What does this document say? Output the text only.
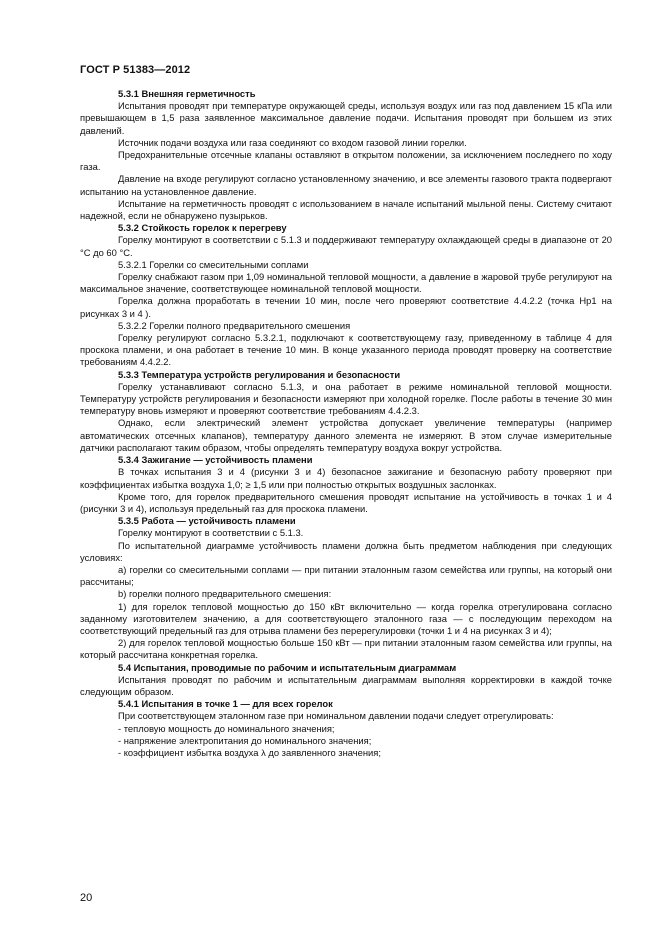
ГОСТ Р 51383—2012

5.3.1 Внешняя герметичность

Испытания проводят при температуре окружающей среды, используя воздух или газ под давлением 15 кПа или превышающем в 1,5 раза заявленное максимальное давление подачи. Испытания проводят при большем из этих давлений.

Источник подачи воздуха или газа соединяют со входом газовой линии горелки.

Предохранительные отсечные клапаны оставляют в открытом положении, за исключением последнего по ходу газа.

Давление на входе регулируют согласно установленному значению, и все элементы газового тракта подвергают испытанию на установленное давление.

Испытание на герметичность проводят с использованием в начале испытаний мыльной пены. Систему считают надежной, если не обнаружено пузырьков.

5.3.2 Стойкость горелок к перегреву

Горелку монтируют в соответствии с 5.1.3 и поддерживают температуру охлаждающей среды в диапазоне от 20 °С до 60 °С.

5.3.2.1 Горелки со смесительными соплами

Горелку снабжают газом при 1,09 номинальной тепловой мощности, а давление в жаровой трубе регулируют на максимальное значение, соответствующее номинальной тепловой мощности.

Горелка должна проработать в течении 10 мин, после чего проверяют соответствие 4.4.2.2 (точка Нр1 на рисунках 3 и 4 ).

5.3.2.2 Горелки полного предварительного смешения

Горелку регулируют согласно 5.3.2.1, подключают к соответствующему газу, приведенному в таблице 4 для проскока пламени, и она работает в течение 10 мин. В конце указанного периода проводят проверку на соответствие требованиям 4.4.2.2.

5.3.3 Температура устройств регулирования и безопасности

Горелку устанавливают согласно 5.1.3, и она работает в режиме номинальной тепловой мощности. Температуру устройств регулирования и безопасности измеряют при холодной горелке. После работы в течение 30 мин температуру вновь измеряют и проверяют соответствие требованиям 4.4.2.3.

Однако, если электрический элемент устройства допускает увеличение температуры (например автоматических отсечных клапанов), температуру данного элемента не измеряют. В этом случае измерительные датчики располагают таким образом, чтобы определять температуру воздуха вокруг устройства.

5.3.4 Зажигание — устойчивость пламени

В точках испытания 3 и 4 (рисунки 3 и 4) безопасное зажигание и безопасную работу проверяют при коэффициентах избытка воздуха 1,0; ≥ 1,5 или при полностью открытых воздушных заслонках.

Кроме того, для горелок предварительного смешения проводят испытание на устойчивость в точках 1 и 4 (рисунки 3 и 4), используя предельный газ для проскока пламени.

5.3.5 Работа — устойчивость пламени

Горелку монтируют в соответствии с 5.1.3.

По испытательной диаграмме устойчивость пламени должна быть предметом наблюдения при следующих условиях:

а) горелки со смесительными соплами — при питании эталонным газом семейства или группы, на который они рассчитаны;

b) горелки полного предварительного смешения:

1) для горелок тепловой мощностью до 150 кВт включительно — когда горелка отрегулирована согласно заданному изготовителем значению, а для соответствующего эталонного газа — с последующим переходом на соответствующий предельный газ для отрыва пламени без перерегулировки (точки 1 и 4 на рисунках 3 и 4);

2) для горелок тепловой мощностью больше 150 кВт — при питании эталонным газом семейства или группы, на который рассчитана конкретная горелка.

5.4 Испытания, проводимые по рабочим и испытательным диаграммам

Испытания проводят по рабочим и испытательным диаграммам выполняя корректировки в каждой точке следующим образом.

5.4.1 Испытания в точке 1 — для всех горелок

При соответствующем эталонном газе при номинальном давлении подачи следует отрегулировать:

- тепловую мощность до номинального значения;

- напряжение электропитания до номинального значения;

- коэффициент избытка воздуха λ до заявленного значения;

20
